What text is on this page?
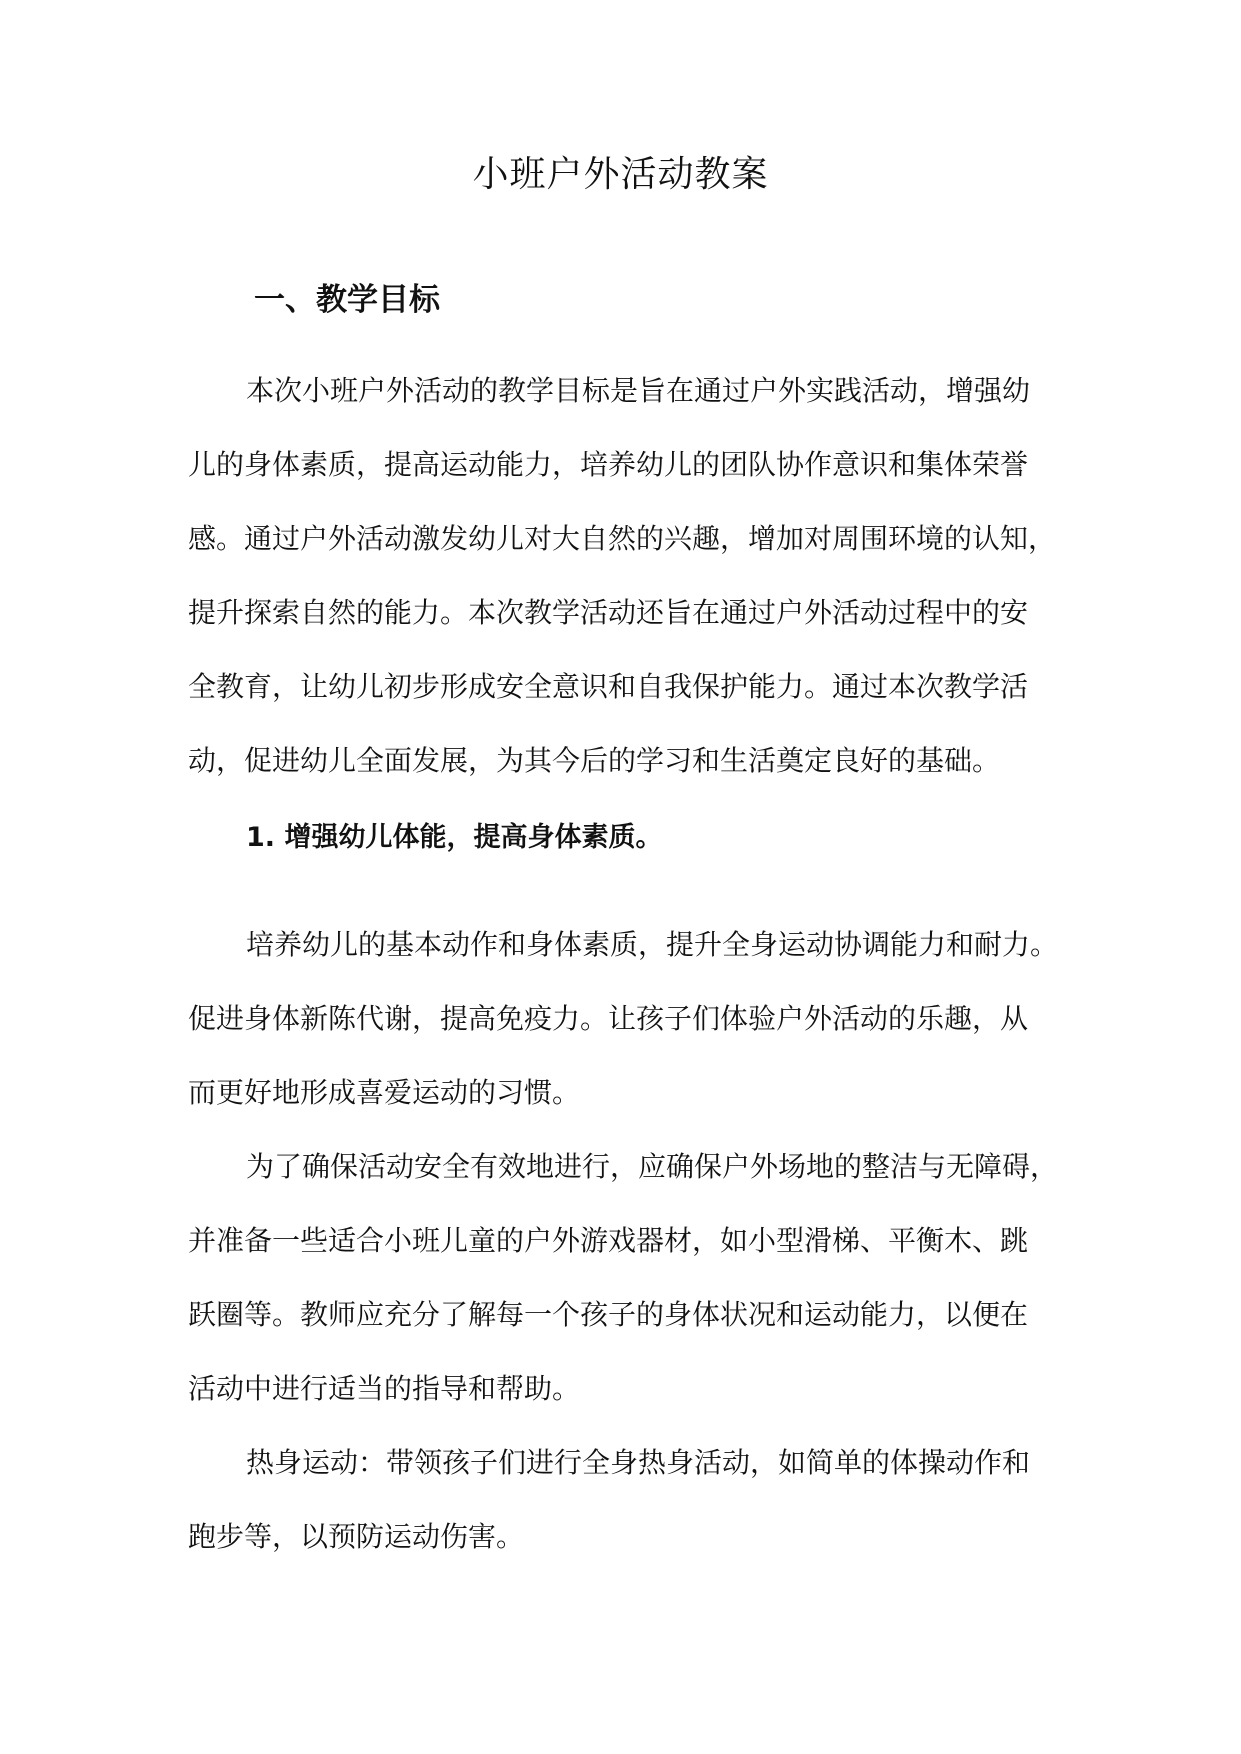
小班户外活动教案
一、教学目标

本次小班户外活动的教学目标是旨在通过户外实践活动，增强幼
儿的身体素质，提高运动能力，培养幼儿的团队协作意识和集体荣誉
感。通过户外活动激发幼儿对大自然的兴趣，增加对周围环境的认知，
提升探索自然的能力。本次教学活动还旨在通过户外活动过程中的安
全教育，让幼儿初步形成安全意识和自我保护能力。通过本次教学活
动，促进幼儿全面发展，为其今后的学习和生活奠定良好的基础。

1. 增强幼儿体能，提高身体素质。

培养幼儿的基本动作和身体素质，提升全身运动协调能力和耐力。
促进身体新陈代谢，提高免疫力。让孩子们体验户外活动的乐趣，从
而更好地形成喜爱运动的习惯。

为了确保活动安全有效地进行，应确保户外场地的整洁与无障碍，
并准备一些适合小班儿童的户外游戏器材，如小型滑梯、平衡木、跳
跃圈等。教师应充分了解每一个孩子的身体状况和运动能力，以便在
活动中进行适当的指导和帮助。

热身运动：带领孩子们进行全身热身活动，如简单的体操动作和
跑步等，以预防运动伤害。
